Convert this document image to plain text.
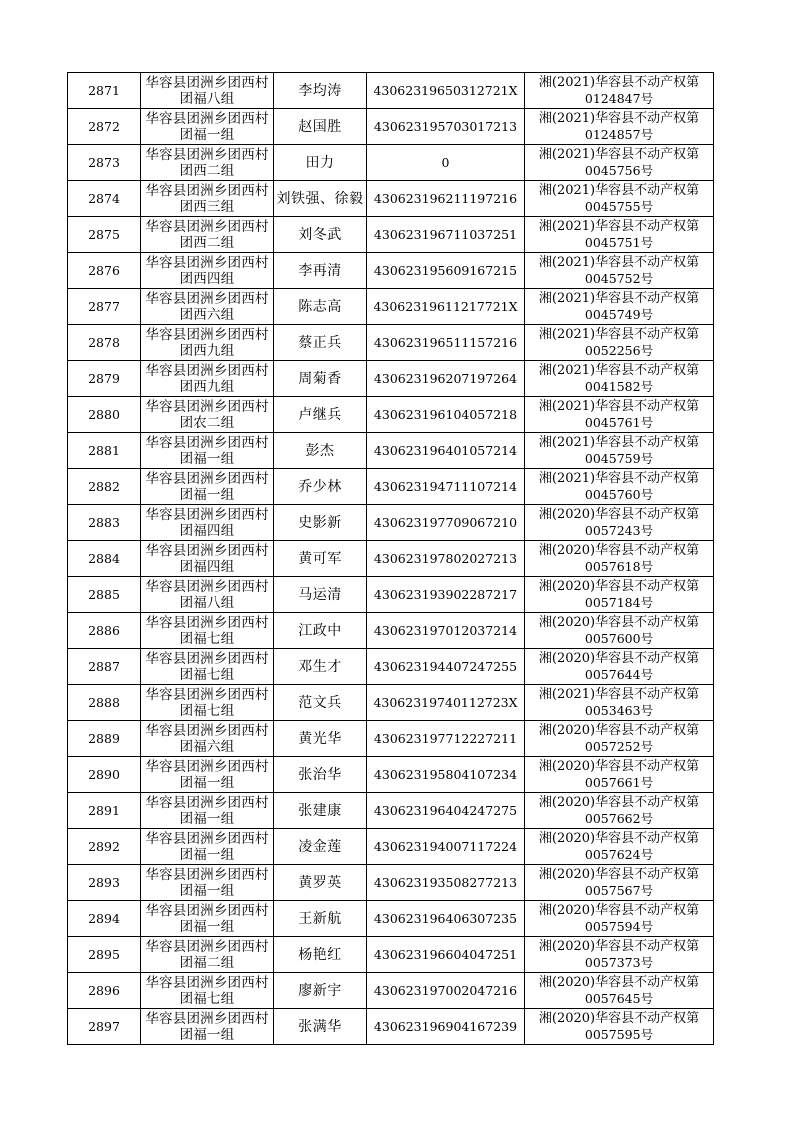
2871	华容县团洲乡团西村团福八组	李均涛	43062319650312721X	湘(2021)华容县不动产权第
0124847号

2872	华容县团洲乡团西村团福一组	赵国胜	430623195703017213	湘(2021)华容县不动产权第
0124857号

2873	华容县团洲乡团西村团西二组	田力	0	湘(2021)华容县不动产权第
0045756号

2874	华容县团洲乡团西村团西三组	刘铁强、徐毅	430623196211197216	湘(2021)华容县不动产权第
0045755号

2875	华容县团洲乡团西村团西二组	刘冬武	430623196711037251	湘(2021)华容县不动产权第
0045751号

2876	华容县团洲乡团西村团西四组	李再清	430623195609167215	湘(2021)华容县不动产权第
0045752号

2877	华容县团洲乡团西村团西六组	陈志高	43062319611217721X	湘(2021)华容县不动产权第
0045749号

2878	华容县团洲乡团西村团西九组	蔡正兵	430623196511157216	湘(2021)华容县不动产权第
0052256号

2879	华容县团洲乡团西村团西九组	周菊香	430623196207197264	湘(2021)华容县不动产权第
0041582号

2880	华容县团洲乡团西村团农二组	卢继兵	430623196104057218	湘(2021)华容县不动产权第
0045761号

2881	华容县团洲乡团西村团福一组	彭杰	430623196401057214	湘(2021)华容县不动产权第
0045759号

2882	华容县团洲乡团西村团福一组	乔少林	430623194711107214	湘(2021)华容县不动产权第
0045760号

2883	华容县团洲乡团西村团福四组	史影新	430623197709067210	湘(2020)华容县不动产权第
0057243号

2884	华容县团洲乡团西村团福四组	黄可军	430623197802027213	湘(2020)华容县不动产权第
0057618号

2885	华容县团洲乡团西村团福八组	马运清	430623193902287217	湘(2020)华容县不动产权第
0057184号

2886	华容县团洲乡团西村团福七组	江政中	430623197012037214	湘(2020)华容县不动产权第
0057600号

2887	华容县团洲乡团西村团福七组	邓生才	430623194407247255	湘(2020)华容县不动产权第
0057644号

2888	华容县团洲乡团西村团福七组	范文兵	43062319740112723X	湘(2021)华容县不动产权第
0053463号

2889	华容县团洲乡团西村团福六组	黄光华	430623197712227211	湘(2020)华容县不动产权第
0057252号

2890	华容县团洲乡团西村团福一组	张治华	430623195804107234	湘(2020)华容县不动产权第
0057661号

2891	华容县团洲乡团西村团福一组	张建康	430623196404247275	湘(2020)华容县不动产权第
0057662号

2892	华容县团洲乡团西村团福一组	凌金莲	430623194007117224	湘(2020)华容县不动产权第
0057624号

2893	华容县团洲乡团西村团福一组	黄罗英	430623193508277213	湘(2020)华容县不动产权第
0057567号

2894	华容县团洲乡团西村团福一组	王新航	430623196406307235	湘(2020)华容县不动产权第
0057594号

2895	华容县团洲乡团西村团福二组	杨艳红	430623196604047251	湘(2020)华容县不动产权第
0057373号

2896	华容县团洲乡团西村团福七组	廖新宇	430623197002047216	湘(2020)华容县不动产权第
0057645号

2897	华容县团洲乡团西村团福一组	张满华	430623196904167239	湘(2020)华容县不动产权第
0057595号
